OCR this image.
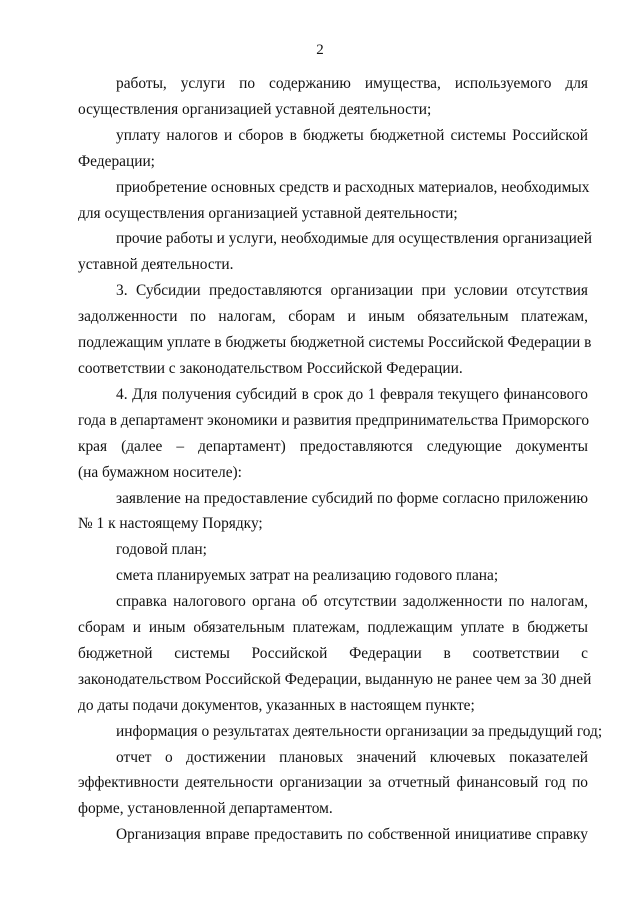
2
работы, услуги по содержанию имущества, используемого для
осуществления организацией уставной деятельности;
уплату налогов и сборов в бюджеты бюджетной системы Российской
Федерации;
приобретение основных средств и расходных материалов, необходимых
для осуществления организацией уставной деятельности;
прочие работы и услуги, необходимые для осуществления организацией
уставной деятельности.
3. Субсидии предоставляются организации при условии отсутствия
задолженности по налогам, сборам и иным обязательным платежам,
подлежащим уплате в бюджеты бюджетной системы Российской Федерации в
соответствии с законодательством Российской Федерации.
4. Для получения субсидий в срок до 1 февраля текущего финансового
года в департамент экономики и развития предпринимательства Приморского
края (далее – департамент) предоставляются следующие документы
(на бумажном носителе):
заявление на предоставление субсидий по форме согласно приложению
№ 1 к настоящему Порядку;
годовой план;
смета планируемых затрат на реализацию годового плана;
справка налогового органа об отсутствии задолженности по налогам,
сборам и иным обязательным платежам, подлежащим уплате в бюджеты
бюджетной системы Российской Федерации в соответствии с
законодательством Российской Федерации, выданную не ранее чем за 30 дней
до даты подачи документов, указанных в настоящем пункте;
информация о результатах деятельности организации за предыдущий год;
отчет о достижении плановых значений ключевых показателей
эффективности деятельности организации за отчетный финансовый год по
форме, установленной департаментом.
Организация вправе предоставить по собственной инициативе справку
